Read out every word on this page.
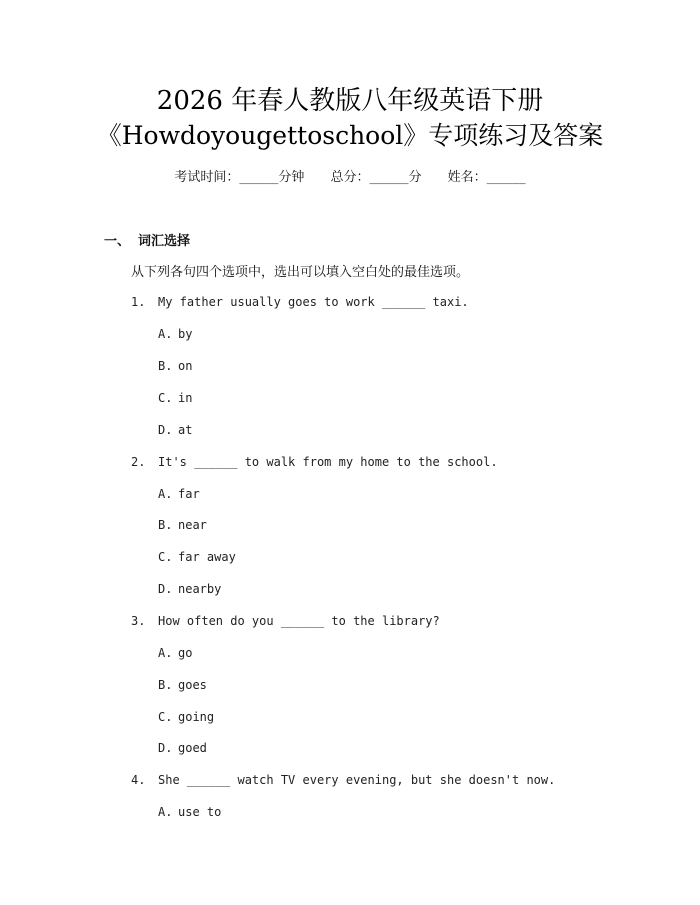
2026 年春人教版八年级英语下册
《Howdoyougettoschool》专项练习及答案
考试时间：______分钟 总分：______分 姓名：______
一、 词汇选择
从下列各句四个选项中，选出可以填入空白处的最佳选项。
1. My father usually goes to work ______ taxi.
A. by
B. on
C. in
D. at
2. It's ______ to walk from my home to the school.
A. far
B. near
C. far away
D. nearby
3. How often do you ______ to the library?
A. go
B. goes
C. going
D. goed
4. She ______ watch TV every evening, but she doesn't now.
A. use to
